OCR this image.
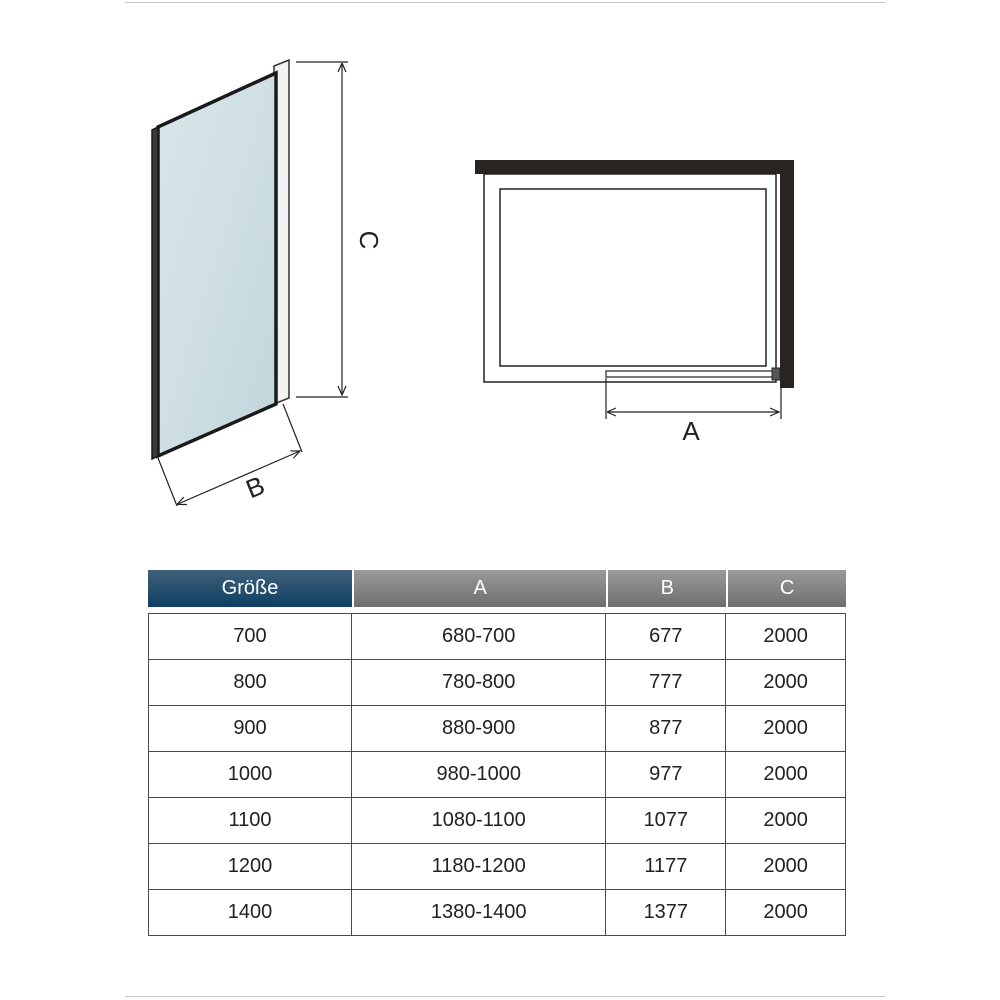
C
B
A
Größe	A	B	C

700	680-700	677	2000
800	780-800	777	2000
900	880-900	877	2000
1000	980-1000	977	2000
1100	1080-1100	1077	2000
1200	1180-1200	1177	2000
1400	1380-1400	1377	2000
